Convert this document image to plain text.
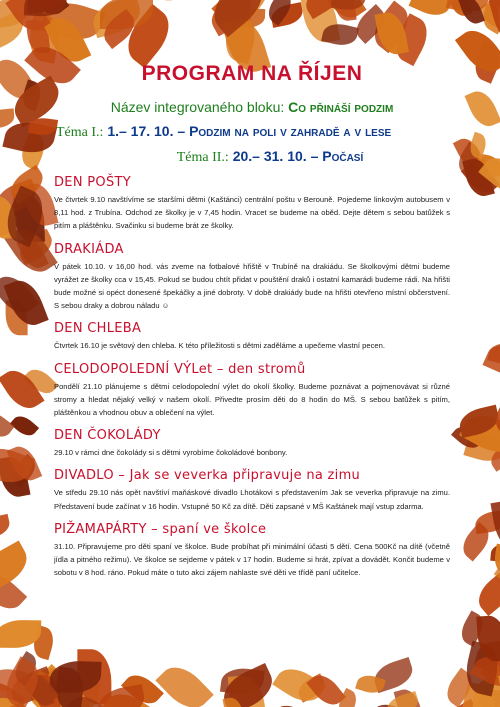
PROGRAM NA ŘÍJEN
Název integrovaného bloku: Co přináší podzim
Téma I.: 1.– 17. 10. – Podzim na poli v zahradě a v lese
Téma II.: 20.– 31. 10. – Počasí
DEN POŠTY

Ve čtvrtek 9.10 navštívíme se staršími dětmi (Kaštánci) centrální poštu v Berouně. Pojedeme linkovým autobusem v 8,11 hod. z Trubína. Odchod ze školky je v 7,45 hodin. Vracet se budeme na oběd. Dejte dětem s sebou batůžek s pitím a pláštěnku. Svačinku si budeme brát ze školky.

DRAKIÁDA

V pátek 10.10. v 16,00 hod. vás zveme na fotbalové hřiště v Trubíně na drakiádu. Se školkovými dětmi budeme vyrážet ze školky cca v 15,45. Pokud se budou chtít přidat v pouštění draků i ostatní kamarádi budeme rádi. Na hřišti bude možné si opéct donesené špekáčky a jiné dobroty. V době drakiády bude na hřišti otevřeno místní občerstvení. S sebou draky a dobrou náladu ☺

DEN CHLEBA

Čtvrtek 16.10 je světový den chleba. K této příležitosti s dětmi zaděláme a upečeme vlastní pecen.

CELODOPOLEDNÍ VÝLet – den stromů

Pondělí 21.10 plánujeme s dětmi celodopolední výlet do okolí školky. Budeme poznávat a pojmenovávat si různé stromy a hledat nějaký velký v našem okolí. Přivedte prosím děti do 8 hodin do MŠ. S sebou batůžek s pitím, pláštěnkou a vhodnou obuv a oblečení na výlet.

DEN ČOKOLÁDY

29.10 v rámci dne čokolády si s dětmi vyrobíme čokoládové bonbony.

DIVADLO – Jak se veverka připravuje na zimu

Ve středu 29.10 nás opět navštíví maňáskové divadlo Lhotákovi s představením Jak se veverka připravuje na zimu. Představení bude začínat v 16 hodin. Vstupné 50 Kč za dítě. Děti zapsané v MŠ Kaštánek mají vstup zdarma.

PIŽAMAPÁRTY – spaní ve školce

31.10. Připravujeme pro děti spaní ve školce. Bude probíhat při minimální účasti 5 dětí. Cena 500Kč na dítě (včetně jídla a pitného režimu). Ve školce se sejdeme v pátek v 17 hodin. Budeme si hrát, zpívat a dovádět. Končit budeme v sobotu v 8 hod. ráno. Pokud máte o tuto akci zájem nahlaste své děti ve třídě paní učitelce.
